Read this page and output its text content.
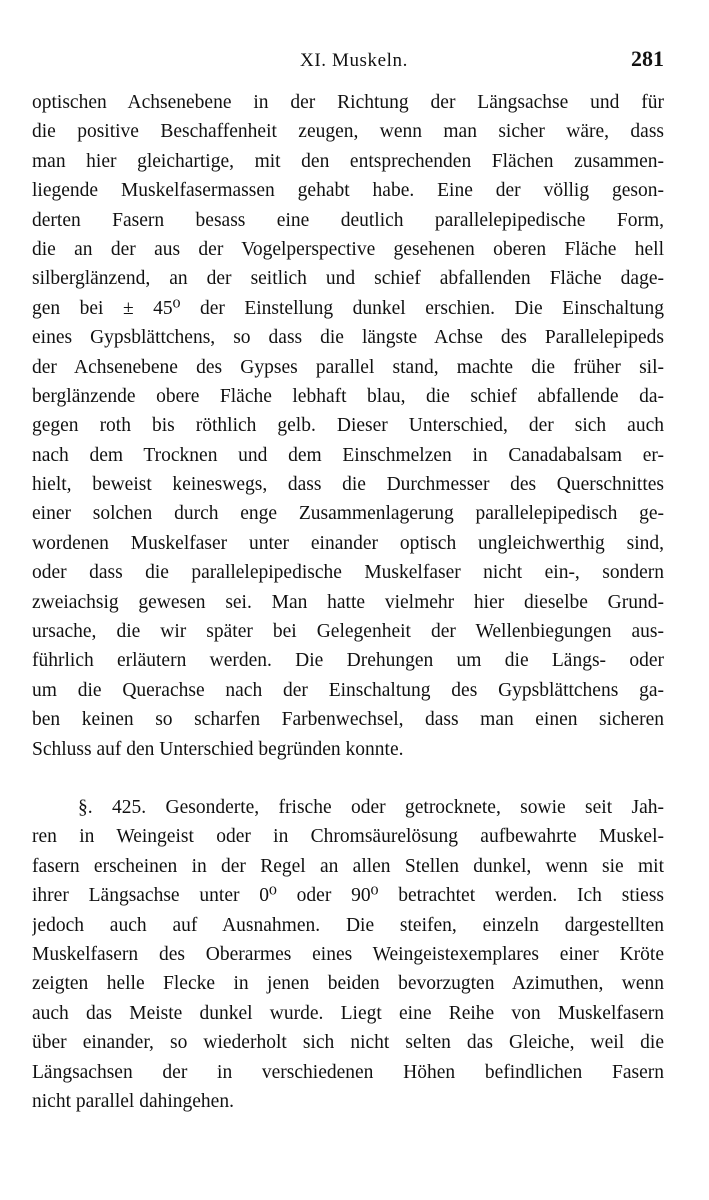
XI. Muskeln.	281
optischen Achsenebene in der Richtung der Längsachse und für
die positive Beschaffenheit zeugen, wenn man sicher wäre, dass
man hier gleichartige, mit den entsprechenden Flächen zusammen-
liegende Muskelfasermassen gehabt habe. Eine der völlig geson-
derten Fasern besass eine deutlich parallelepipedische Form,
die an der aus der Vogelperspective gesehenen oberen Fläche hell
silberglänzend, an der seitlich und schief abfallenden Fläche dage-
gen bei ± 45⁰ der Einstellung dunkel erschien. Die Einschaltung
eines Gypsblättchens, so dass die längste Achse des Parallelepipeds
der Achsenebene des Gypses parallel stand, machte die früher sil-
berglänzende obere Fläche lebhaft blau, die schief abfallende da-
gegen roth bis röthlich gelb. Dieser Unterschied, der sich auch
nach dem Trocknen und dem Einschmelzen in Canadabalsam er-
hielt, beweist keineswegs, dass die Durchmesser des Querschnittes
einer solchen durch enge Zusammenlagerung parallelepipedisch ge-
wordenen Muskelfaser unter einander optisch ungleichwerthig sind,
oder dass die parallelepipedische Muskelfaser nicht ein-, sondern
zweiachsig gewesen sei. Man hatte vielmehr hier dieselbe Grund-
ursache, die wir später bei Gelegenheit der Wellenbiegungen aus-
führlich erläutern werden. Die Drehungen um die Längs- oder
um die Querachse nach der Einschaltung des Gypsblättchens ga-
ben keinen so scharfen Farbenwechsel, dass man einen sicheren
Schluss auf den Unterschied begründen konnte.
§. 425. Gesonderte, frische oder getrocknete, sowie seit Jah-
ren in Weingeist oder in Chromsäurelösung aufbewahrte Muskel-
fasern erscheinen in der Regel an allen Stellen dunkel, wenn sie mit
ihrer Längsachse unter 0⁰ oder 90⁰ betrachtet werden. Ich stiess
jedoch auch auf Ausnahmen. Die steifen, einzeln dargestellten
Muskelfasern des Oberarmes eines Weingeistexemplares einer Kröte
zeigten helle Flecke in jenen beiden bevorzugten Azimuthen, wenn
auch das Meiste dunkel wurde. Liegt eine Reihe von Muskelfasern
über einander, so wiederholt sich nicht selten das Gleiche, weil die
Längsachsen der in verschiedenen Höhen befindlichen Fasern
nicht parallel dahingehen.
